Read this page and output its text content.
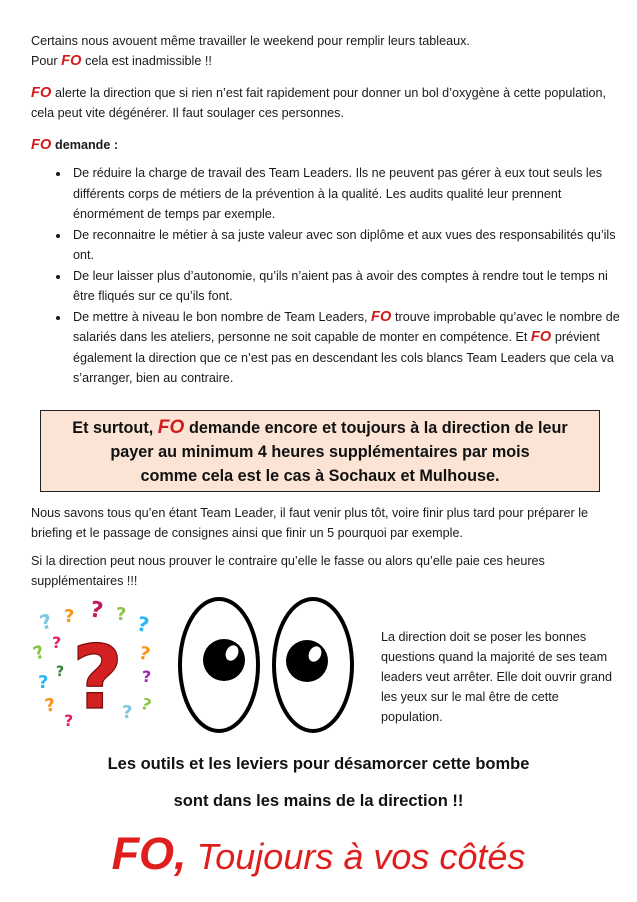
Certains nous avouent même travailler le weekend pour remplir leurs tableaux.
Pour FO cela est inadmissible !!

FO alerte la direction que si rien n’est fait rapidement pour donner un bol d’oxygène à cette population, cela peut vite dégénérer. Il faut soulager ces personnes.

FO demande :

• De réduire la charge de travail des Team Leaders. Ils ne peuvent pas gérer à eux tout seuls les différents corps de métiers de la prévention à la qualité. Les audits qualité leur prennent énormément de temps par exemple.
• De reconnaitre le métier à sa juste valeur avec son diplôme et aux vues des responsabilités qu’ils ont.
• De leur laisser plus d’autonomie, qu’ils n’aient pas à avoir des comptes à rendre tout le temps ni être fliqués sur ce qu’ils font.
• De mettre à niveau le bon nombre de Team Leaders, FO trouve improbable qu’avec le nombre de salariés dans les ateliers, personne ne soit capable de monter en compétence. Et FO prévient également la direction que ce n’est pas en descendant les cols blancs Team Leaders que cela va s’arranger, bien au contraire.
Et surtout, FO demande encore et toujours à la direction de leur
payer au minimum 4 heures supplémentaires par mois
comme cela est le cas à Sochaux et Mulhouse.

Nous savons tous qu’en étant Team Leader, il faut venir plus tôt, voire finir plus tard pour préparer le briefing et le passage de consignes ainsi que finir un 5 pourquoi par exemple.

Si la direction peut nous prouver le contraire qu’elle le fasse ou alors qu’elle paie ces heures supplémentaires !!!

? ? ? ? ?
? ?
?
?
?
?
?	? ?
? ?	La direction doit se poser les bonnes questions quand la majorité de ses team leaders veut arrêter. Elle doit ouvrir grand les yeux sur le mal être de cette population.

Les outils et les leviers pour désamorcer cette bombe

sont dans les mains de la direction !!

FO, Toujours à vos côtés
